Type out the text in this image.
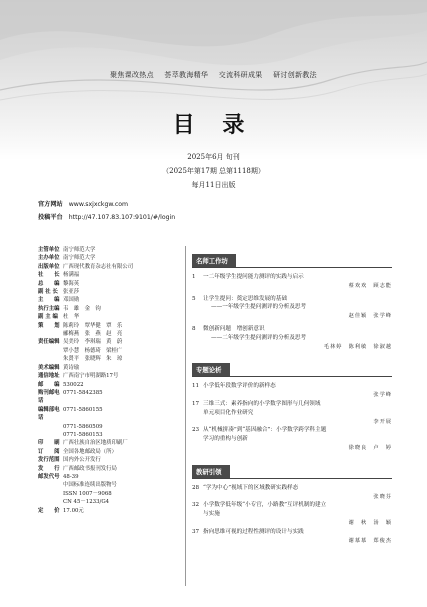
聚焦课改热点 荟萃教海精华 交流科研成果 研讨创新教法
目 录
2025年6月 旬刊
（2025年第17期 总第1118期）
每月11日出版
官方网站 www.sxjxckgw.com
投稿平台 http://47.107.83.107:9101/#/login
主管单位 南宁师范大学
主办单位 南宁师范大学
出版单位 广西现代教育杂志社有限公司
社　　长 杨满福
总　　编 黎海英
副 社 长 张亚莎
主　　编 邓国勋
执行主编 韦　雄　金　钧
副 主 编 杜　华
策　　划 陈莉玲　覃华健　覃　乐
郦梅燕　张　燕　赵　亮
责任编辑 吴美玲　李琪瑞　黄　蔚
覃小慧　杨德琦　梁桂广
朱贤平　张晓辉　朱　琼
美术编辑 黄诗瑜
通信地址 广西南宁市明湖路17号
邮　　编 530022
购刊邮电话
0771-5842385
编辑部电话
0771-5860155
0771-5860509
0771-5860153
印　　刷 广西壮族自治区地质印刷厂
订　　阅 全国各地邮政局（所）
发行范围 国内外公开发行
发　　行 广西邮政书报刊发行局
邮发代号 48-39
中国标准连续出版物号
ISSN 1007－9068
CN 45－1233/G4
定　　价 17.00元
名师工作坊
1	一二年级学生提问能力测评的实践与启示
蔡欢欢　顾志能
5	让学生提问：奠定思维发展的基础
——一年级学生提问测评的分析及思考
赵佳颖　张学峰
8	微创新问题　增创新意识
——二年级学生提问测评的分析及思考
毛林婷　陈利敏　徐淑越
专题论析
11 小学低年段数学评价的新样态
张学峰
17 三维三式：素养指向的小学数学图形与几何领域
单元项目化作业研究
李开展
23 从“机械拼凑”到“基因融合”：小学数学跨学科主题
学习的重构与创新
徐晓良　卢　婷
教研引领
28 “学为中心”视域下的区域教研实践样态
张晓芬
32 小学数学低年级“小专官，小路教”互评机制的建立
与实施
谢　秋　汤　颖
37 指向思维可视的过程性测评的设计与实践
谢慕慕　郑俊杰
